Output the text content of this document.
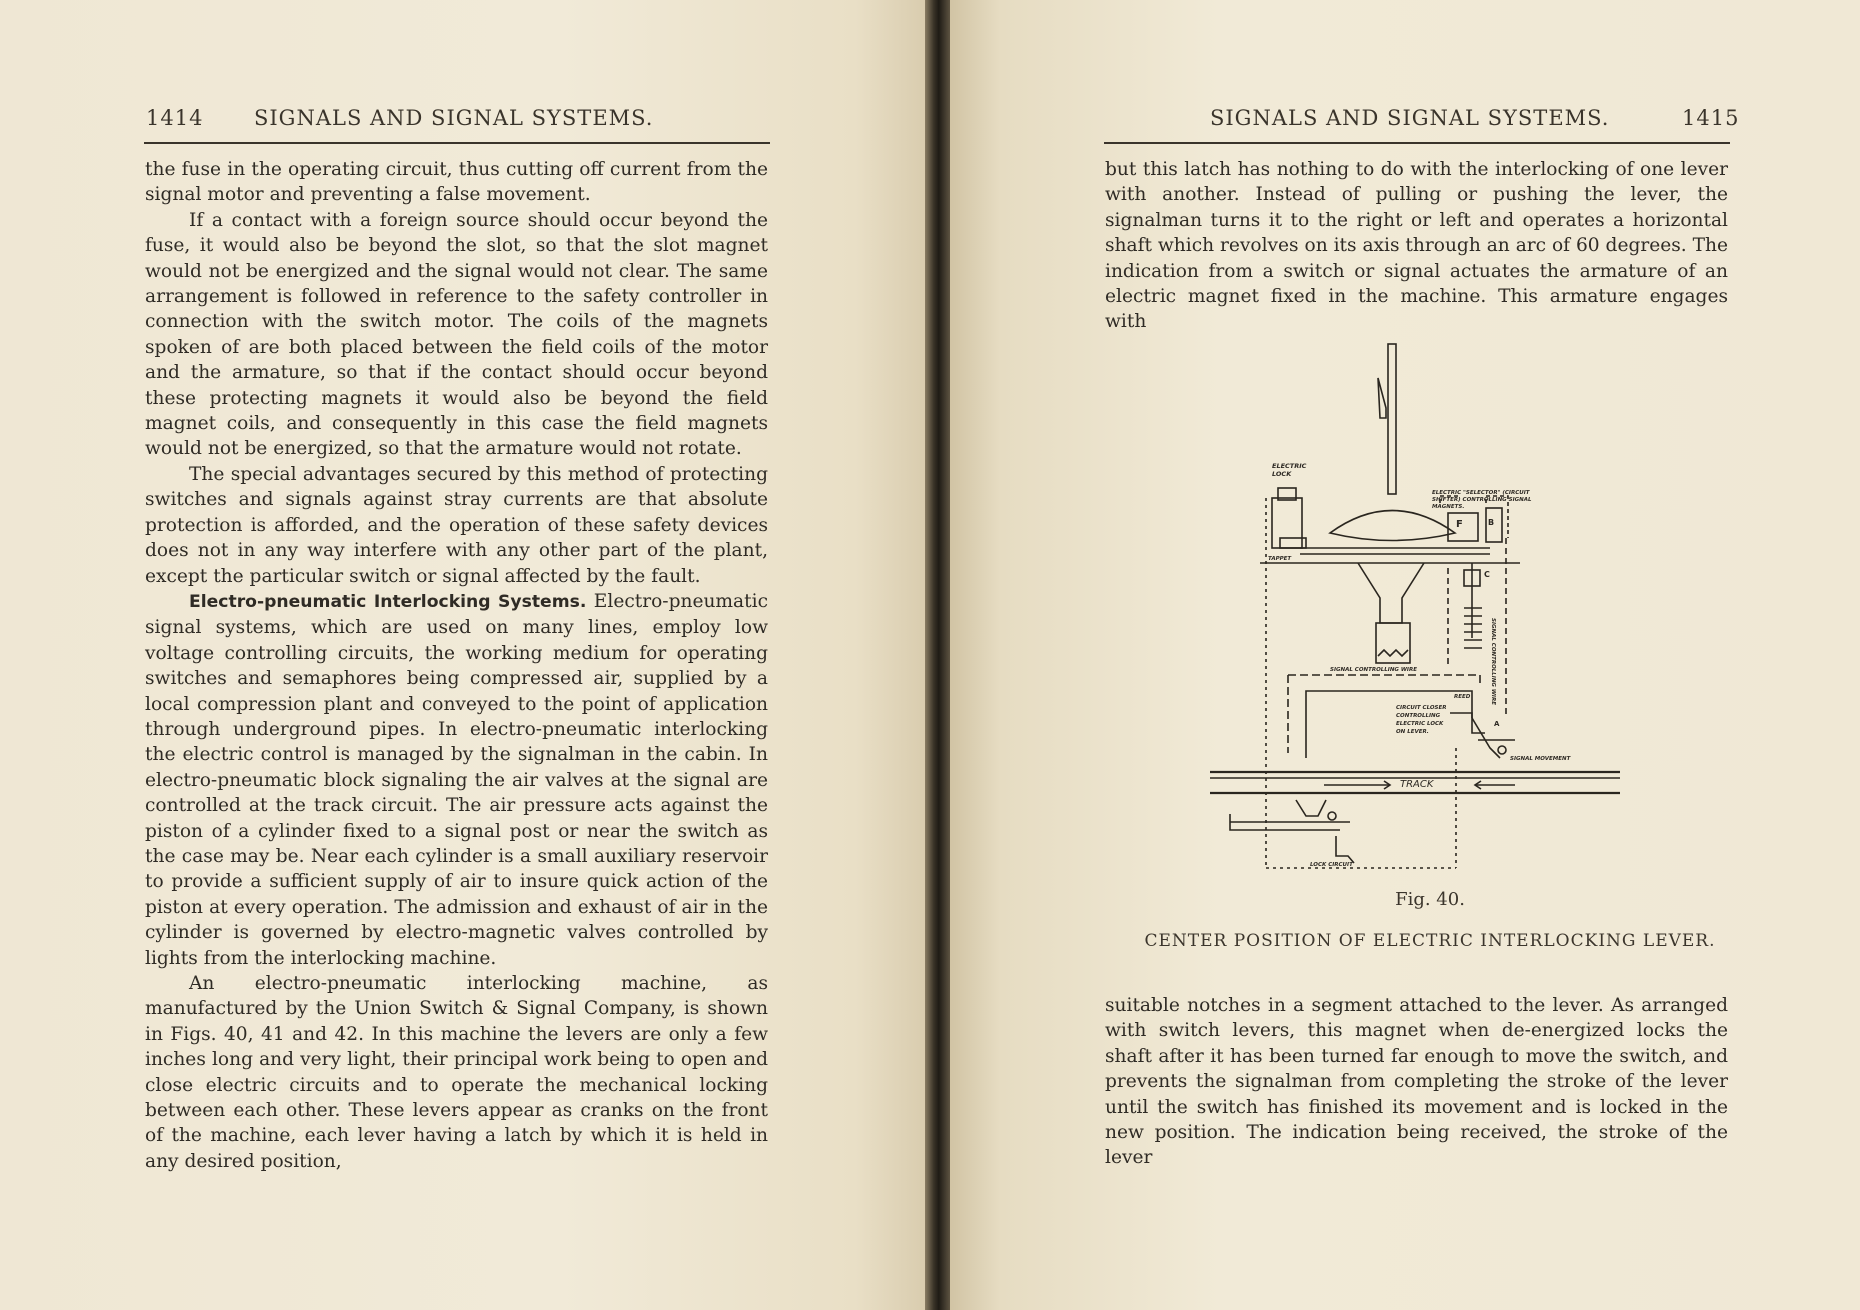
1414 SIGNALS AND SIGNAL SYSTEMS.

the fuse in the operating circuit, thus cutting off current from the signal motor and preventing a false movement.

If a contact with a foreign source should occur beyond the fuse, it would also be beyond the slot, so that the slot magnet would not be energized and the signal would not clear. The same arrangement is followed in reference to the safety controller in connection with the switch motor. The coils of the magnets spoken of are both placed between the field coils of the motor and the armature, so that if the contact should occur beyond these protecting magnets it would also be beyond the field magnet coils, and consequently in this case the field magnets would not be energized, so that the armature would not rotate.

The special advantages secured by this method of protecting switches and signals against stray currents are that absolute protection is afforded, and the operation of these safety devices does not in any way interfere with any other part of the plant, except the particular switch or signal affected by the fault.

Electro-pneumatic Interlocking Systems. Electro-pneumatic signal systems, which are used on many lines, employ low voltage controlling circuits, the working medium for operating switches and semaphores being compressed air, supplied by a local compression plant and conveyed to the point of application through underground pipes. In electro-pneumatic interlocking the electric control is managed by the signalman in the cabin. In electro-pneumatic block signaling the air valves at the signal are controlled at the track circuit. The air pressure acts against the piston of a cylinder fixed to a signal post or near the switch as the case may be. Near each cylinder is a small auxiliary reservoir to provide a sufficient supply of air to insure quick action of the piston at every operation. The admission and exhaust of air in the cylinder is governed by electro-magnetic valves controlled by lights from the interlocking machine.

An electro-pneumatic interlocking machine, as manufactured by the Union Switch & Signal Company, is shown in Figs. 40, 41 and 42. In this machine the levers are only a few inches long and very light, their principal work being to open and close electric circuits and to operate the mechanical locking between each other. These levers appear as cranks on the front of the machine, each lever having a latch by which it is held in any desired position,

SIGNALS AND SIGNAL SYSTEMS.	1415

but this latch has nothing to do with the interlocking of one lever with another. Instead of pulling or pushing the lever, the signalman turns it to the right or left and operates a horizontal shaft which revolves on its axis through an arc of 60 degrees. The indication from a switch or signal actuates the armature of an electric magnet fixed in the machine. This armature engages with

ELECTRIC LOCK
ELECTRIC "SELECTOR" (CIRCUIT SHIFTER) CONTROLLING SIGNAL MAGNETS.
TAPPET
SIGNAL CONTROLLING WIRE	SIGNAL CONTROLLING WIRE
CIRCUIT CLOSER CONTROLLING ELECTRIC LOCK ON LEVER.
SIGNAL MOVEMENT
TRACK
LOCK CIRCUIT
F	B
C
A
REED
Fig. 40.
CENTER POSITION OF ELECTRIC INTERLOCKING LEVER.

suitable notches in a segment attached to the lever. As arranged with switch levers, this magnet when de-energized locks the shaft after it has been turned far enough to move the switch, and prevents the signalman from completing the stroke of the lever until the switch has finished its movement and is locked in the new position. The indication being received, the stroke of the lever
